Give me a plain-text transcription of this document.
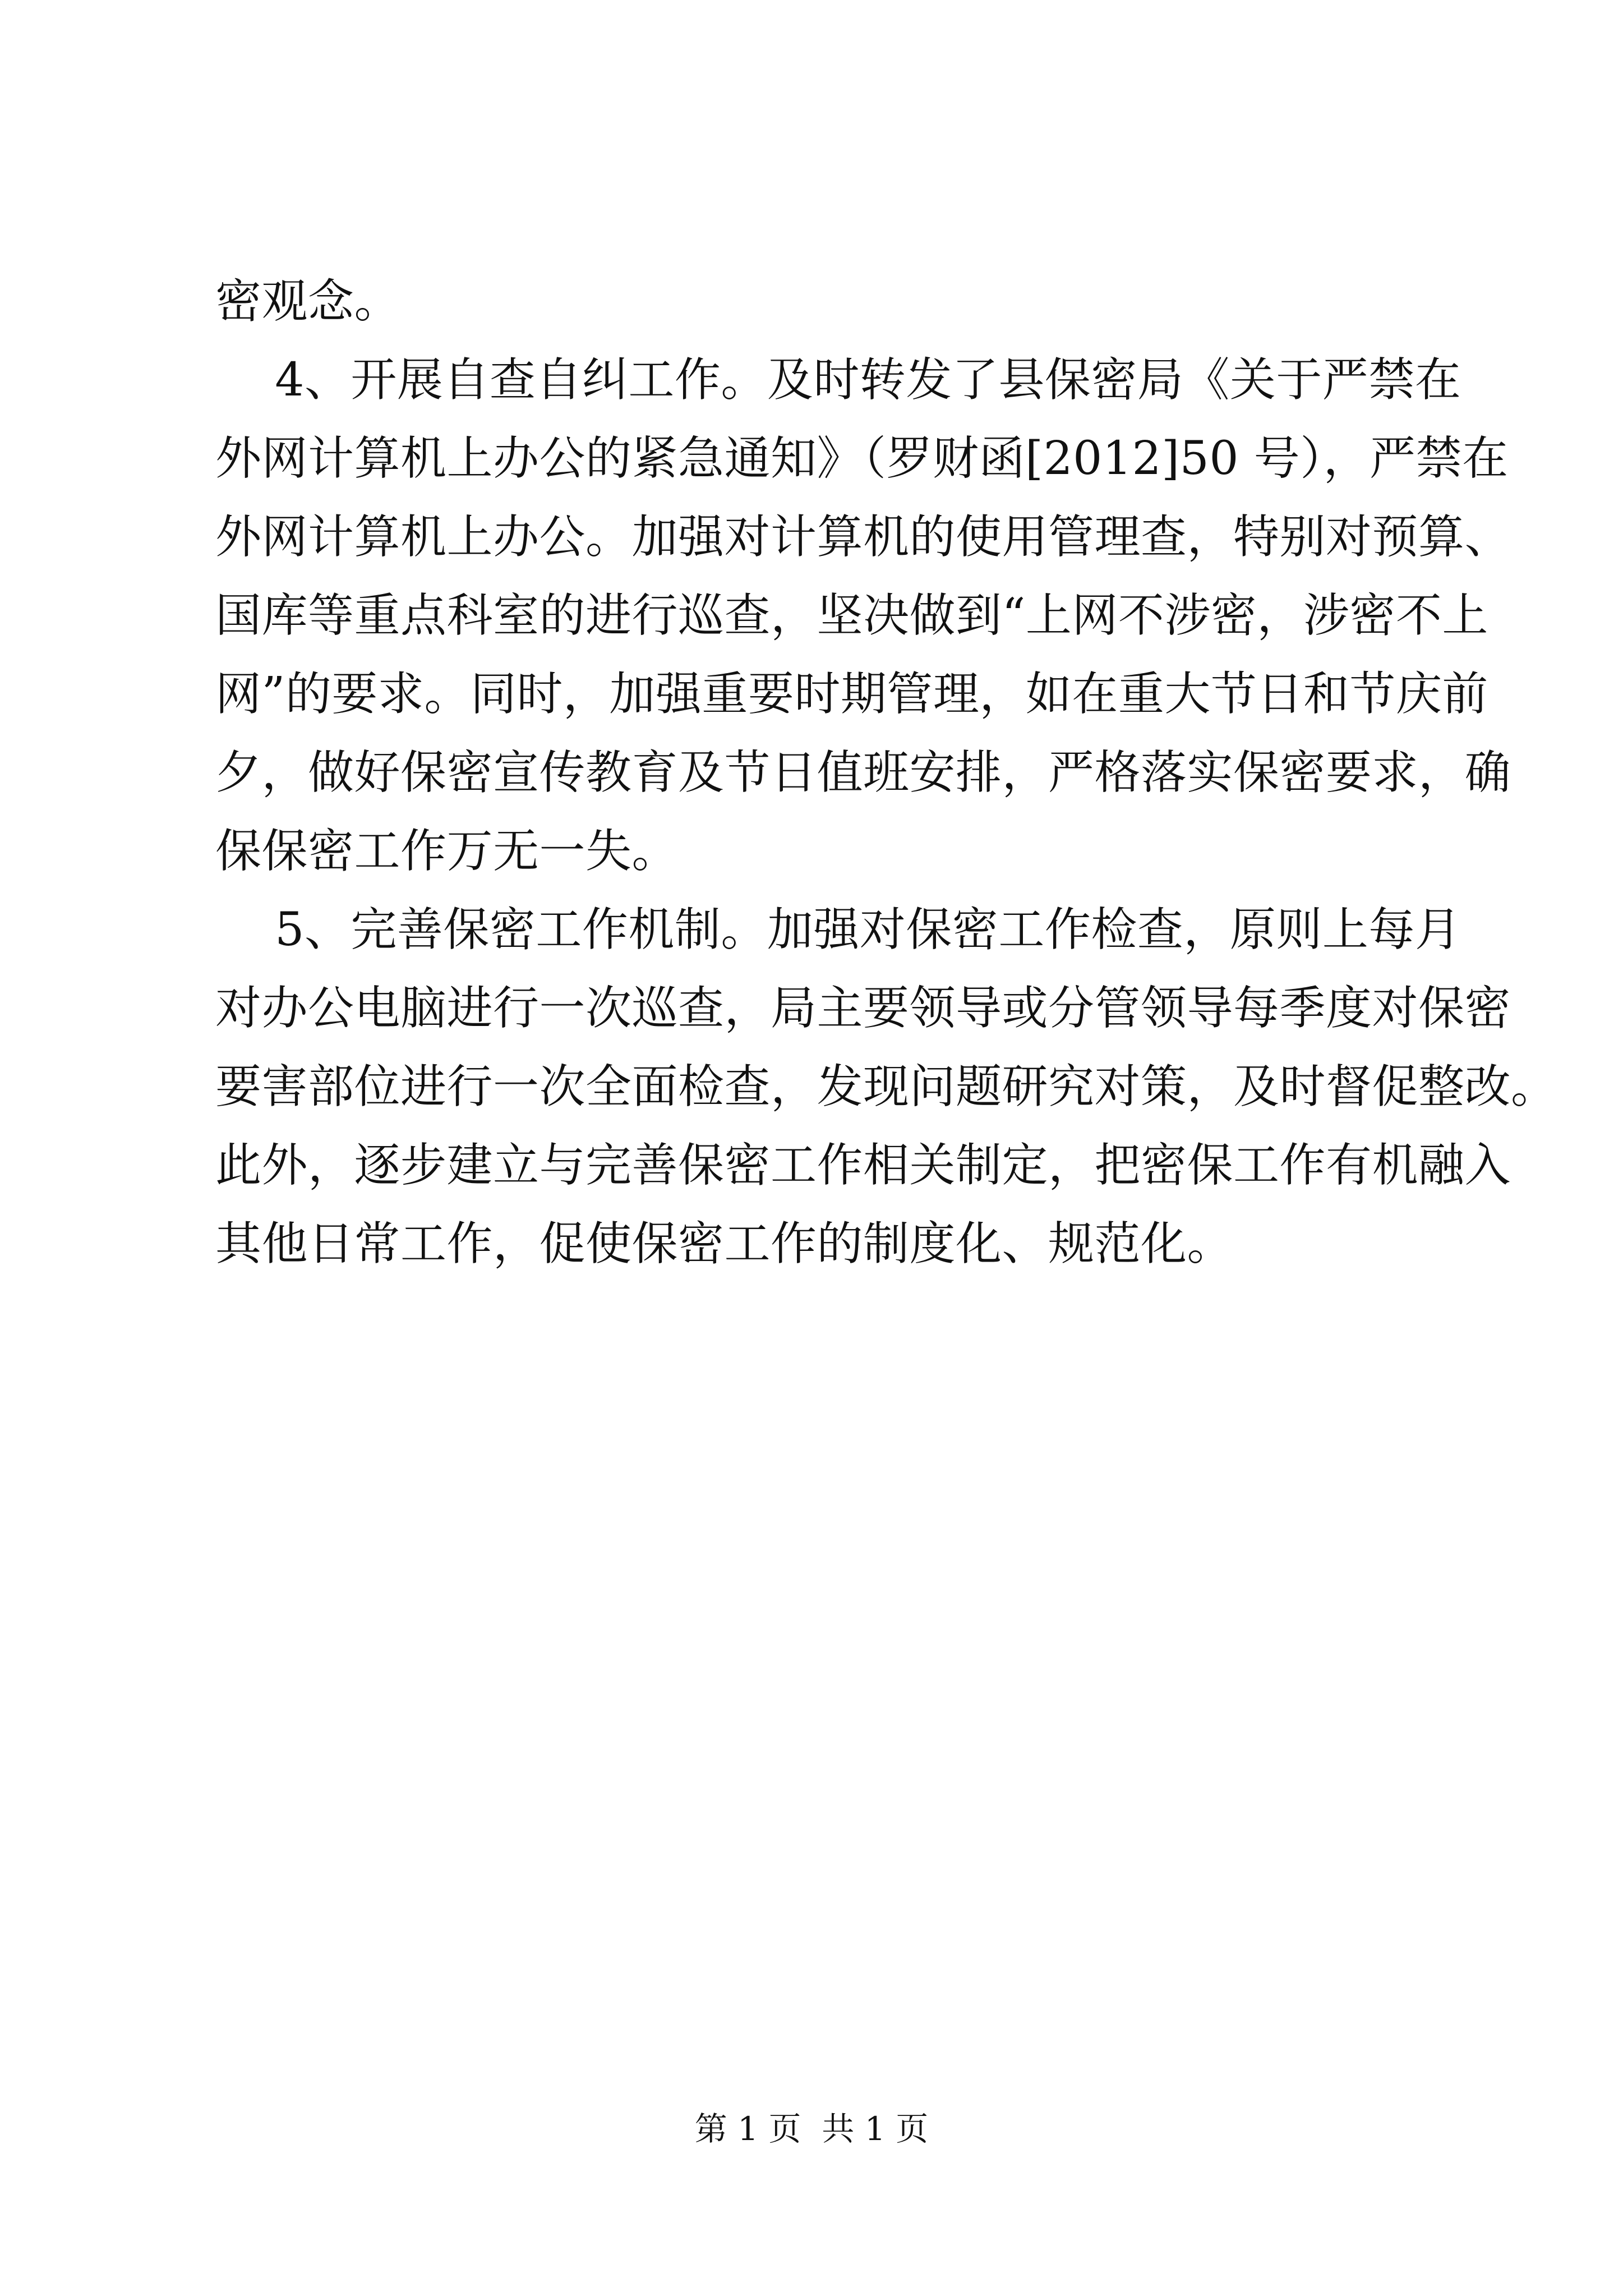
密观念。
4、开展自查自纠工作。及时转发了县保密局《关于严禁在
外网计算机上办公的紧急通知》（罗财函[2012]50 号），严禁在
外网计算机上办公。加强对计算机的使用管理查，特别对预算、
国库等重点科室的进行巡查，坚决做到“上网不涉密，涉密不上
网”的要求。同时，加强重要时期管理，如在重大节日和节庆前
夕，做好保密宣传教育及节日值班安排，严格落实保密要求，确
保保密工作万无一失。
5、完善保密工作机制。加强对保密工作检查，原则上每月
对办公电脑进行一次巡查，局主要领导或分管领导每季度对保密
要害部位进行一次全面检查，发现问题研究对策，及时督促整改。
此外，逐步建立与完善保密工作相关制定，把密保工作有机融入
其他日常工作，促使保密工作的制度化、规范化。
第 1 页  共 1 页
